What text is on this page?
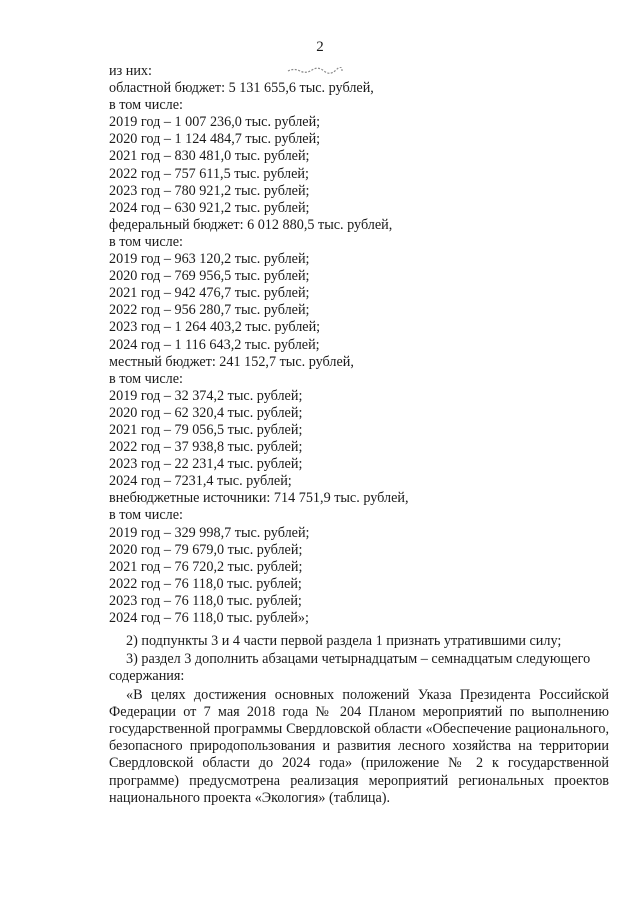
2
из них:
областной бюджет: 5 131 655,6 тыс. рублей,
в том числе:
2019 год – 1 007 236,0 тыс. рублей;
2020 год – 1 124 484,7 тыс. рублей;
2021 год – 830 481,0 тыс. рублей;
2022 год – 757 611,5 тыс. рублей;
2023 год – 780 921,2 тыс. рублей;
2024 год – 630 921,2 тыс. рублей;
федеральный бюджет: 6 012 880,5 тыс. рублей,
в том числе:
2019 год – 963 120,2 тыс. рублей;
2020 год – 769 956,5 тыс. рублей;
2021 год – 942 476,7 тыс. рублей;
2022 год – 956 280,7 тыс. рублей;
2023 год – 1 264 403,2 тыс. рублей;
2024 год – 1 116 643,2 тыс. рублей;
местный бюджет: 241 152,7 тыс. рублей,
в том числе:
2019 год – 32 374,2 тыс. рублей;
2020 год – 62 320,4 тыс. рублей;
2021 год – 79 056,5 тыс. рублей;
2022 год – 37 938,8 тыс. рублей;
2023 год – 22 231,4 тыс. рублей;
2024 год – 7231,4 тыс. рублей;
внебюджетные источники: 714 751,9 тыс. рублей,
в том числе:
2019 год – 329 998,7 тыс. рублей;
2020 год – 79 679,0 тыс. рублей;
2021 год – 76 720,2 тыс. рублей;
2022 год – 76 118,0 тыс. рублей;
2023 год – 76 118,0 тыс. рублей;
2024 год – 76 118,0 тыс. рублей»;
2) подпункты 3 и 4 части первой раздела 1 признать утратившими силу;
3) раздел 3 дополнить абзацами четырнадцатым – семнадцатым следующего
содержания:
«В целях достижения основных положений Указа Президента Российской
Федерации от 7 мая 2018 года № 204 Планом мероприятий по выполнению
государственной программы Свердловской области «Обеспечение рационального,
безопасного природопользования и развития лесного хозяйства на территории
Свердловской области до 2024 года» (приложение № 2 к государственной
программе) предусмотрена реализация мероприятий региональных проектов
национального проекта «Экология» (таблица).
